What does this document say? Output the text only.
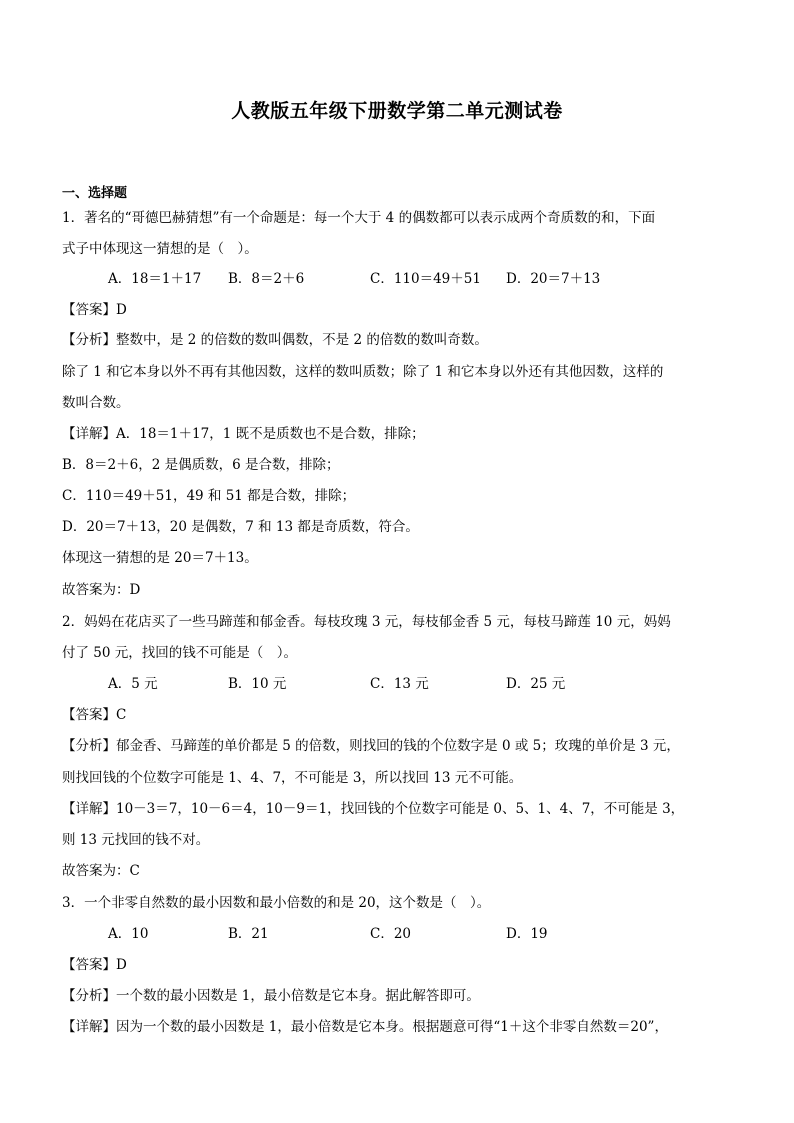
人教版五年级下册数学第二单元测试卷
一、选择题
1．著名的“哥德巴赫猜想”有一个命题是：每一个大于 4 的偶数都可以表示成两个奇质数的和，下面
式子中体现这一猜想的是（　）。
A．18＝1＋17 B．8＝2＋6	C．110＝49＋51 D．20＝7＋13
【答案】D
【分析】整数中，是 2 的倍数的数叫偶数，不是 2 的倍数的数叫奇数。
除了 1 和它本身以外不再有其他因数，这样的数叫质数；除了 1 和它本身以外还有其他因数，这样的
数叫合数。
【详解】A．18＝1＋17，1 既不是质数也不是合数，排除；
B．8＝2＋6，2 是偶质数，6 是合数，排除；
C．110＝49＋51，49 和 51 都是合数，排除；
D．20＝7＋13，20 是偶数，7 和 13 都是奇质数，符合。
体现这一猜想的是 20＝7＋13。
故答案为：D
2．妈妈在花店买了一些马蹄莲和郁金香。每枝玫瑰 3 元，每枝郁金香 5 元，每枝马蹄莲 10 元，妈妈
付了 50 元，找回的钱不可能是（　）。
A．5 元	B．10 元	C．13 元	D．25 元
【答案】C
【分析】郁金香、马蹄莲的单价都是 5 的倍数，则找回的钱的个位数字是 0 或 5；玫瑰的单价是 3 元，
则找回钱的个位数字可能是 1、4、7，不可能是 3，所以找回 13 元不可能。
【详解】10－3＝7，10－6＝4，10－9＝1，找回钱的个位数字可能是 0、5、1、4、7，不可能是 3，
则 13 元找回的钱不对。
故答案为：C
3．一个非零自然数的最小因数和最小倍数的和是 20，这个数是（　）。
A．10	B．21	C．20	D．19
【答案】D
【分析】一个数的最小因数是 1，最小倍数是它本身。据此解答即可。
【详解】因为一个数的最小因数是 1，最小倍数是它本身。根据题意可得“1＋这个非零自然数＝20”，
